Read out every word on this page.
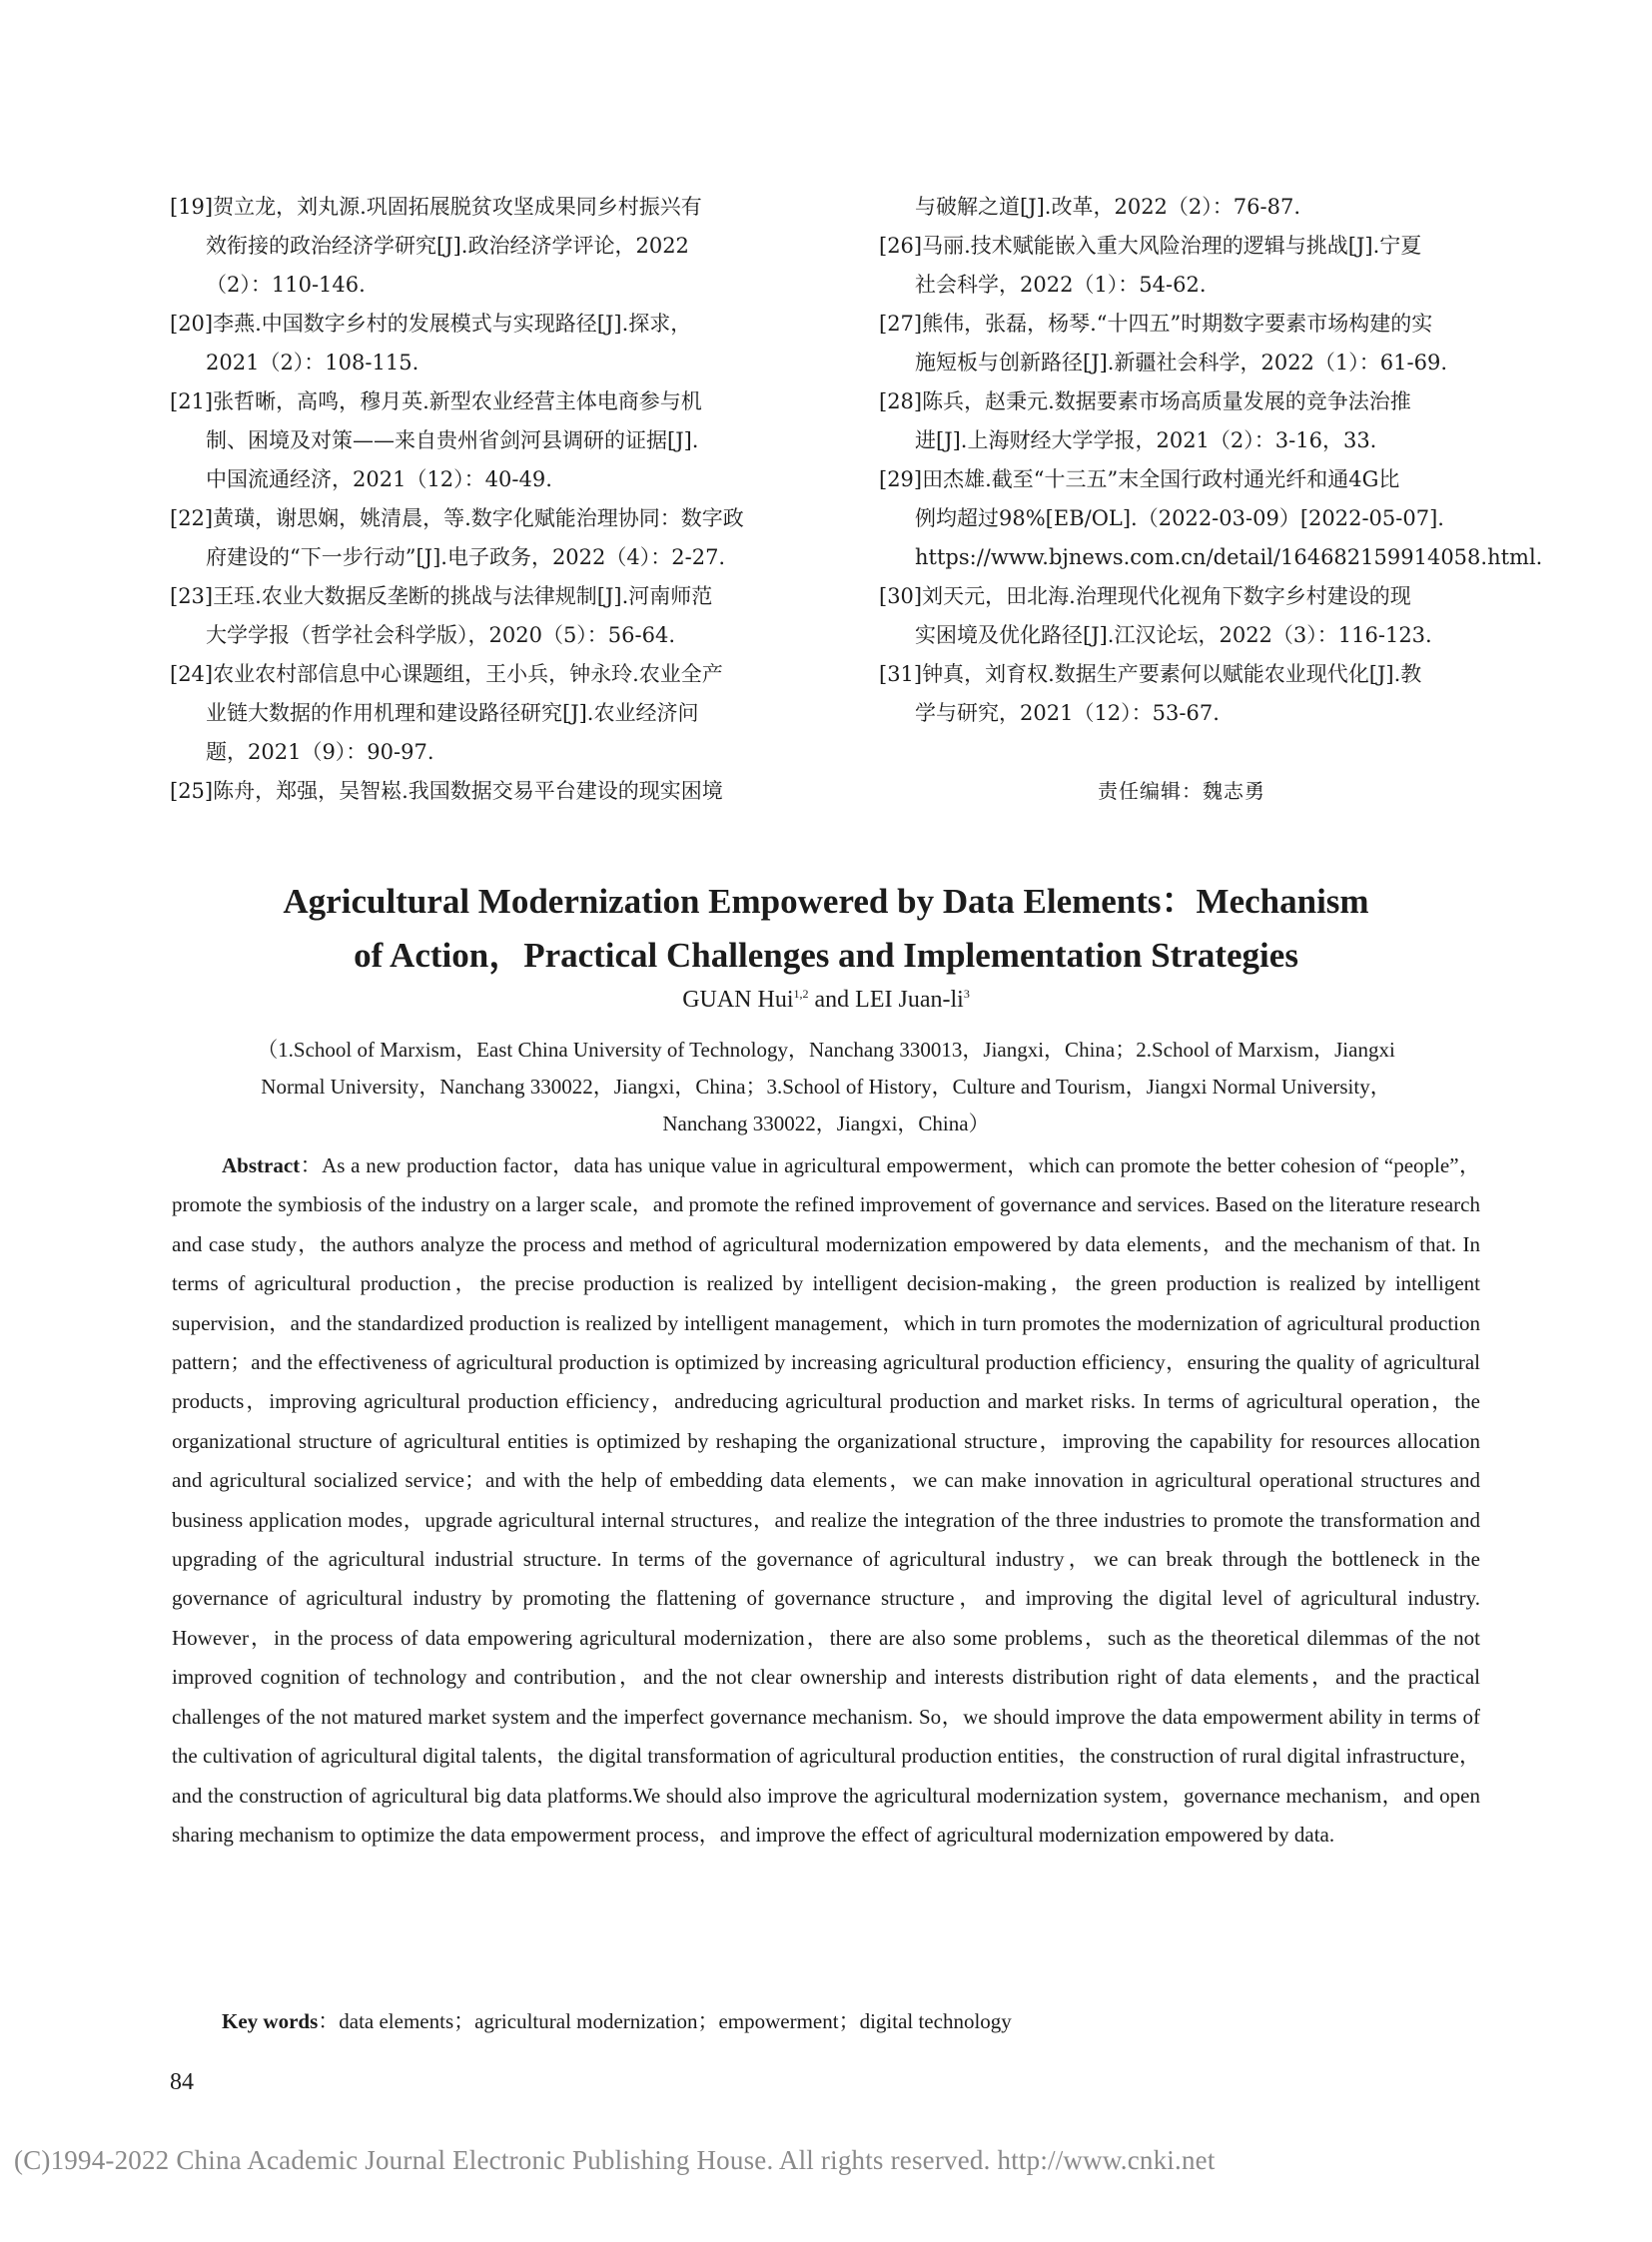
[19]贺立龙，刘丸源.巩固拓展脱贫攻坚成果同乡村振兴有
效衔接的政治经济学研究[J].政治经济学评论，2022
（2）：110-146.
[20]李燕.中国数字乡村的发展模式与实现路径[J].探求，
2021（2）：108-115.
[21]张哲晰，高鸣，穆月英.新型农业经营主体电商参与机
制、困境及对策——来自贵州省剑河县调研的证据[J].
中国流通经济，2021（12）：40-49.
[22]黄璜，谢思娴，姚清晨，等.数字化赋能治理协同：数字政
府建设的“下一步行动”[J].电子政务，2022（4）：2-27.
[23]王珏.农业大数据反垄断的挑战与法律规制[J].河南师范
大学学报（哲学社会科学版），2020（5）：56-64.
[24]农业农村部信息中心课题组，王小兵，钟永玲.农业全产
业链大数据的作用机理和建设路径研究[J].农业经济问
题，2021（9）：90-97.
[25]陈舟，郑强，吴智崧.我国数据交易平台建设的现实困境
与破解之道[J].改革，2022（2）：76-87.
[26]马丽.技术赋能嵌入重大风险治理的逻辑与挑战[J].宁夏
社会科学，2022（1）：54-62.
[27]熊伟，张磊，杨琴.“十四五”时期数字要素市场构建的实
施短板与创新路径[J].新疆社会科学，2022（1）：61-69.
[28]陈兵，赵秉元.数据要素市场高质量发展的竞争法治推
进[J].上海财经大学学报，2021（2）：3-16，33.
[29]田杰雄.截至“十三五”末全国行政村通光纤和通4G比
例均超过98%[EB/OL].（2022-03-09）[2022-05-07].
https://www.bjnews.com.cn/detail/164682159914058.html.
[30]刘天元，田北海.治理现代化视角下数字乡村建设的现
实困境及优化路径[J].江汉论坛，2022（3）：116-123.
[31]钟真，刘育权.数据生产要素何以赋能农业现代化[J].教
学与研究，2021（12）：53-67.
责任编辑：魏志勇
Agricultural Modernization Empowered by Data Elements：Mechanism
of Action，Practical Challenges and Implementation Strategies
GUAN Hui$^{1,2}$ and LEI Juan-$li^3$
（1.School of Marxism，East China University of Technology，Nanchang 330013，Jiangxi，China；2.School of Marxism，Jiangxi
Normal University，Nanchang 330022，Jiangxi，China；3.School of History，Culture and Tourism，Jiangxi Normal University，
Nanchang 330022，Jiangxi，China）
Abstract：As a new production factor，data has unique value in agricultural empowerment，which can promote the better cohesion of “people”，promote the symbiosis of the industry on a larger scale，and promote the refined improvement of governance and services. Based on the literature research and case study，the authors analyze the process and method of agricultural modernization empowered by data elements，and the mechanism of that. In terms of agricultural production，the precise production is realized by intelligent decision-making，the green production is realized by intelligent supervision，and the standardized production is realized by intelligent management，which in turn promotes the modernization of agricultural production pattern；and the effectiveness of agricultural production is optimized by increasing agricultural production efficiency，ensuring the quality of agricultural products，improving agricultural production efficiency，andreducing agricultural production and market risks. In terms of agricultural operation，the organizational structure of agricultural entities is optimized by reshaping the organizational structure，improving the capability for resources allocation and agricultural socialized service；and with the help of embedding data elements，we can make innovation in agricultural operational structures and business application modes，upgrade agricultural internal structures，and realize the integration of the three industries to promote the transformation and upgrading of the agricultural industrial structure. In terms of the governance of agricultural industry，we can break through the bottleneck in the governance of agricultural industry by promoting the flattening of governance structure，and improving the digital level of agricultural industry. However，in the process of data empowering agricultural modernization，there are also some problems，such as the theoretical dilemmas of the not improved cognition of technology and contribution，and the not clear ownership and interests distribution right of data elements，and the practical challenges of the not matured market system and the imperfect governance mechanism. So，we should improve the data empowerment ability in terms of the cultivation of agricultural digital talents，the digital transformation of agricultural production entities，the construction of rural digital infrastructure，and the construction of agricultural big data platforms.We should also improve the agricultural modernization system，governance mechanism，and open sharing mechanism to optimize the data empowerment process，and improve the effect of agricultural modernization empowered by data.
Key words：data elements；agricultural modernization；empowerment；digital technology
84
(C)1994-2022 China Academic Journal Electronic Publishing House. All rights reserved. http://www.cnki.net
